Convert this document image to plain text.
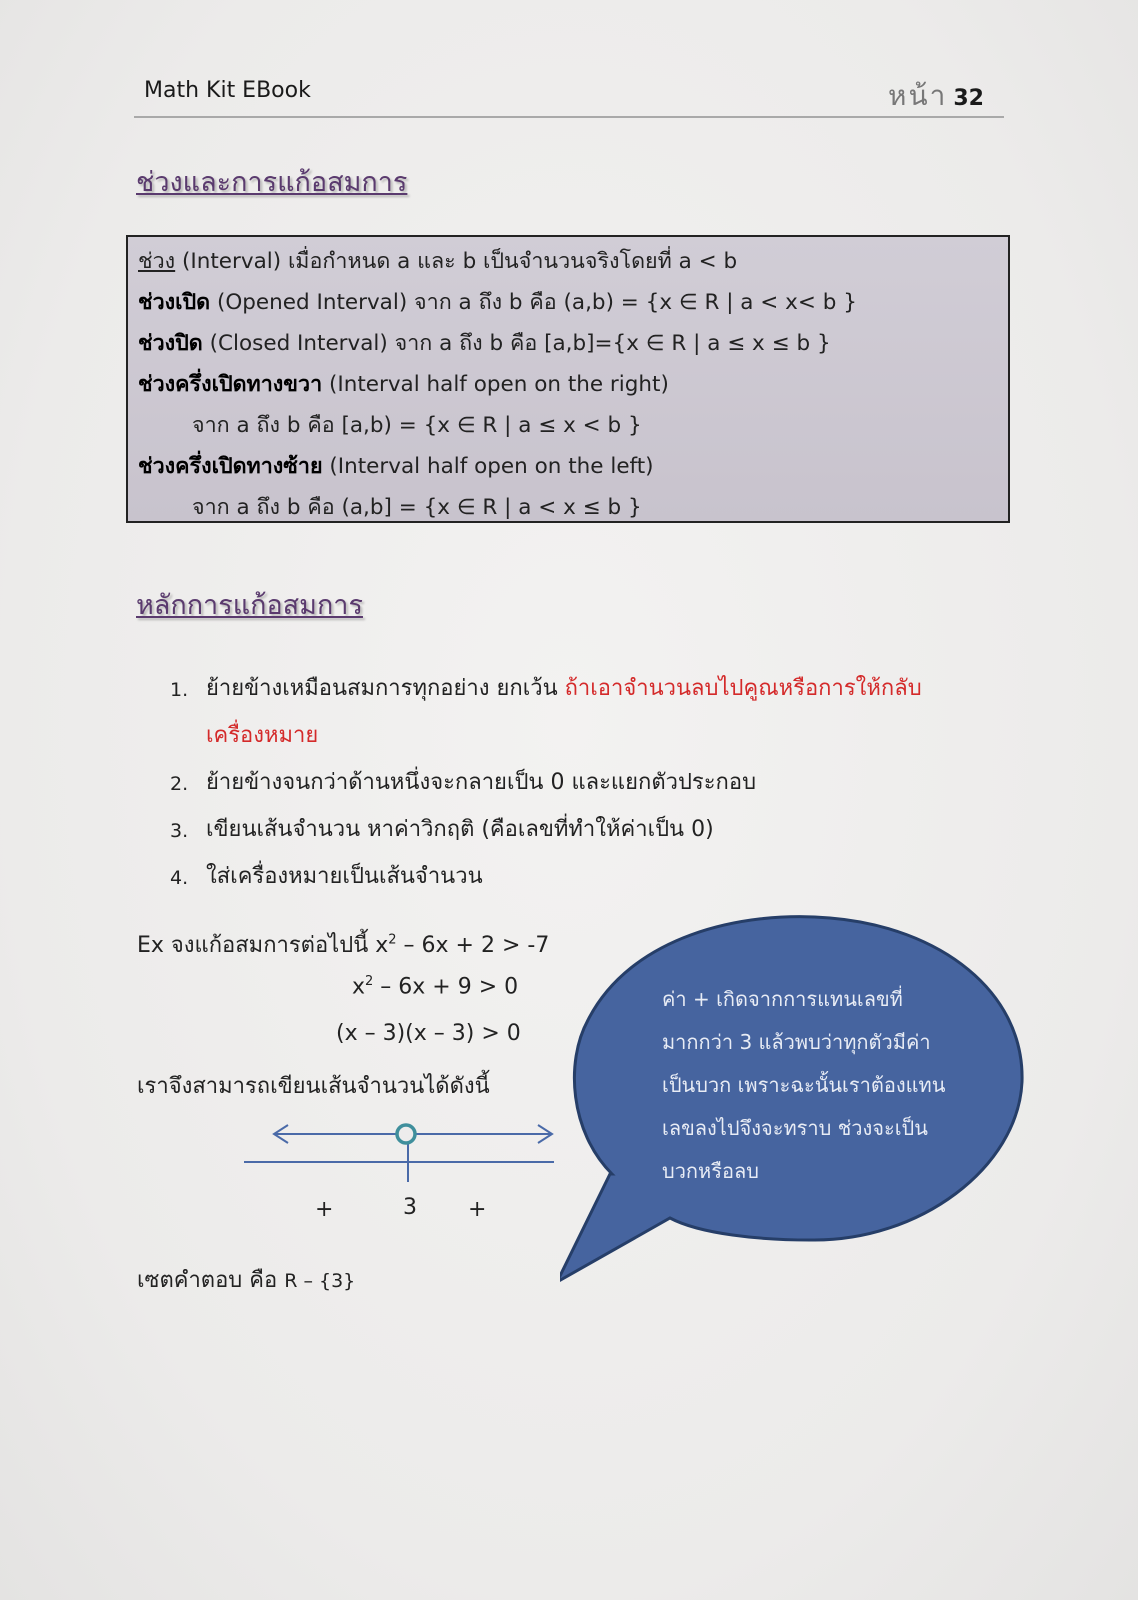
Math Kit EBook	หน้า 32
ช่วงและการแก้อสมการ
ช่วง (Interval) เมื่อกำหนด a และ b เป็นจำนวนจริงโดยที่ a < b
ช่วงเปิด (Opened Interval) จาก a ถึง b คือ (a,b) = {x ∈ R | a < x< b }
ช่วงปิด (Closed Interval) จาก a ถึง b คือ [a,b]={x ∈ R | a ≤ x ≤ b }
ช่วงครึ่งเปิดทางขวา (Interval half open on the right)
จาก a ถึง b คือ [a,b) = {x ∈ R | a ≤ x < b }
ช่วงครึ่งเปิดทางซ้าย (Interval half open on the left)
จาก a ถึง b คือ (a,b] = {x ∈ R | a < x ≤ b }
หลักการแก้อสมการ
1. ย้ายข้างเหมือนสมการทุกอย่าง ยกเว้น ถ้าเอาจำนวนลบไปคูณหรือการให้กลับเครื่องหมาย
2. ย้ายข้างจนกว่าด้านหนึ่งจะกลายเป็น 0 และแยกตัวประกอบ
3. เขียนเส้นจำนวน หาค่าวิกฤติ (คือเลขที่ทำให้ค่าเป็น 0)
4. ใส่เครื่องหมายเป็นเส้นจำนวน
Ex จงแก้อสมการต่อไปนี้ $x^2 - 6x + 2 > -7$
$x^2 - 6x + 9 > 0$
(x – 3)(x – 3) > 0
เราจึงสามารถเขียนเส้นจำนวนได้ดังนี้
+	3 +
เซตคำตอบ คือ R – {3}
ค่า + เกิดจากการแทนเลขที่
มากกว่า 3 แล้วพบว่าทุกตัวมีค่า
เป็นบวก เพราะฉะนั้นเราต้องแทน
เลขลงไปจึงจะทราบ ช่วงจะเป็น
บวกหรือลบ
